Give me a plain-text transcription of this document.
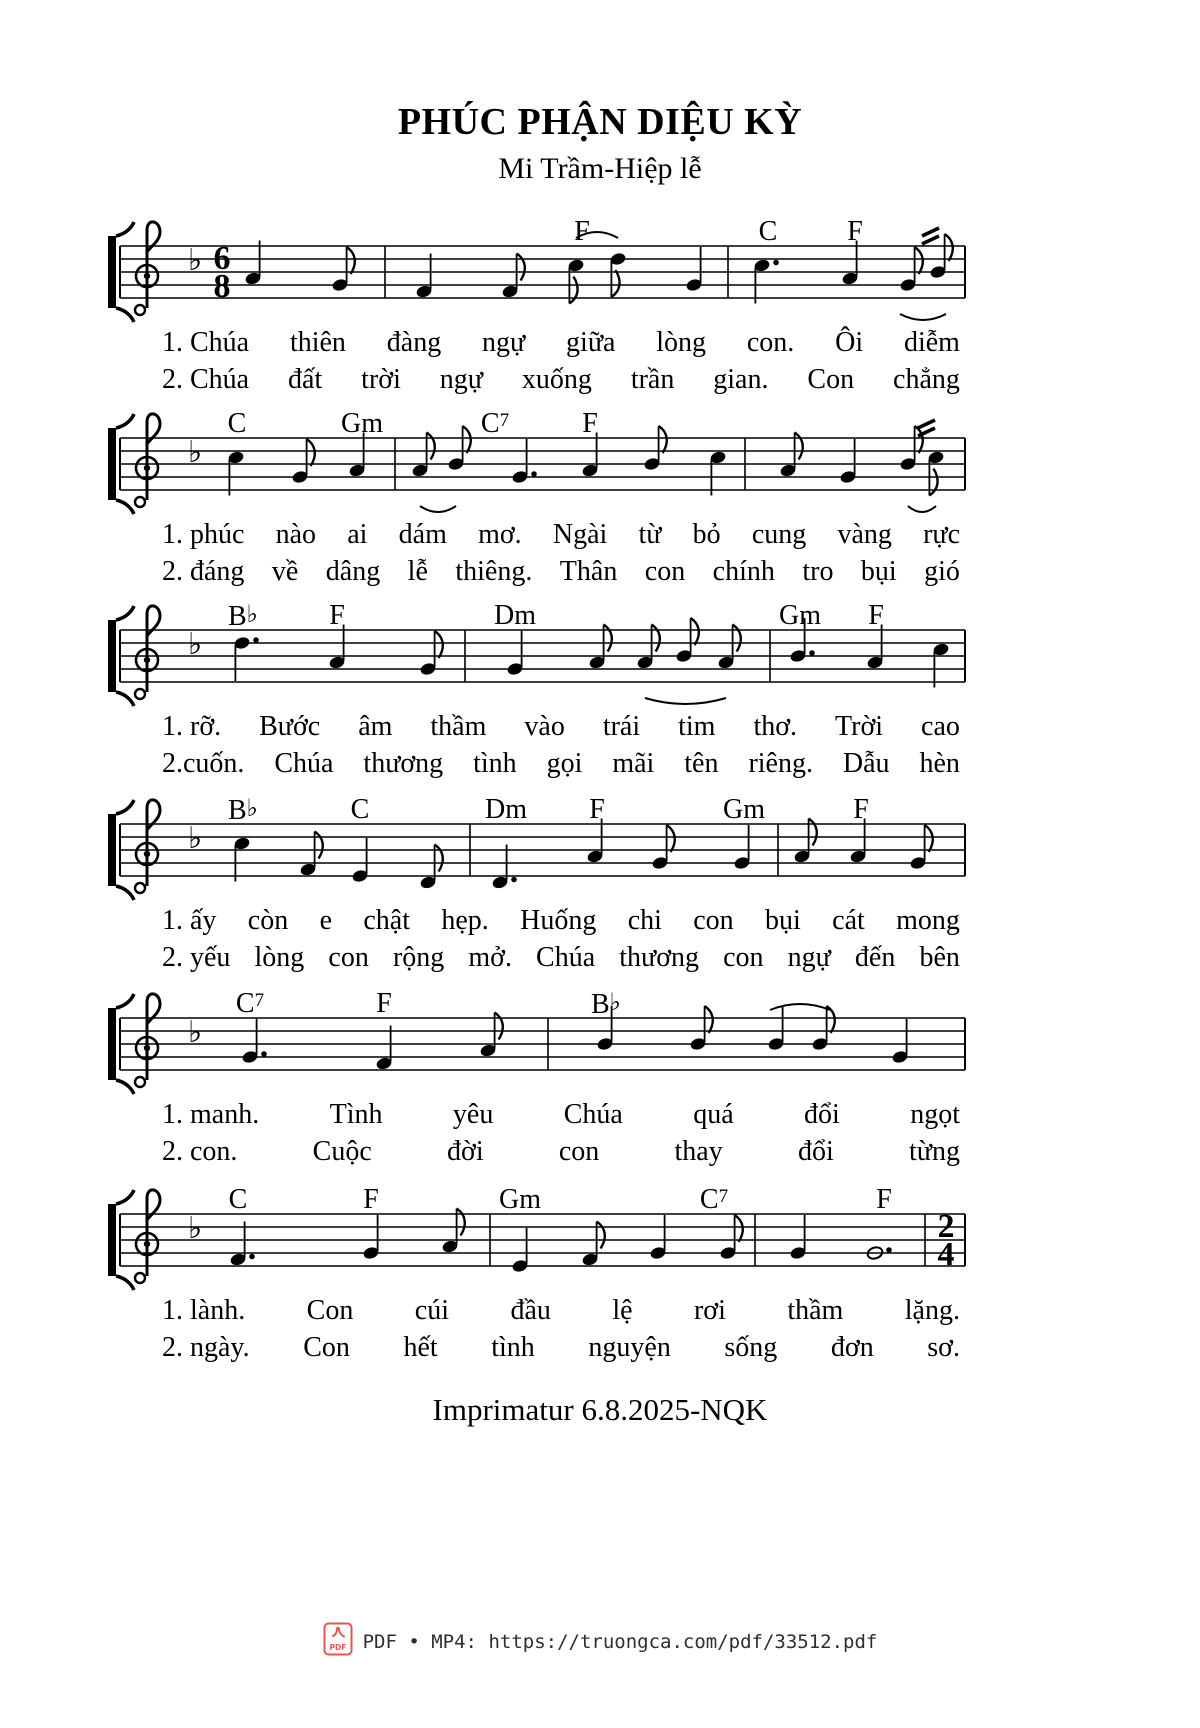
PHÚC PHẬN DIỆU KỲ
Mi Trầm-Hiệp lễ
♭ 6
8
F	C F
♭
C	Gm	$C^7$	F
♭
B♭	F	Dm	Gm F
♭
B♭	C	Dm F	Gm	F
♭
$C^7$	F	B♭
♭	2
4
C	F	Gm	$C^7$	F
Imprimatur 6.8.2025-NQK
PDF PDF • MP4: https://truongca.com/pdf/33512.pdf
1. Chúa thiên đàng ngự giữa lòng con. Ôi diễm
2. Chúa đất trời ngự xuống trần gian. Con chẳng
1. phúc nào ai dám mơ. Ngài từ bỏ cung vàng rực
2. đáng về dâng lễ thiêng. Thân con chính tro bụi gió
1. rỡ. Bước âm thầm vào trái tim thơ. Trời cao
2.cuốn. Chúa thương tình gọi mãi tên riêng. Dẫu hèn
1. ấy còn e chật hẹp. Huống chi con bụi cát mong
2. yếu lòng con rộng mở. Chúa thương con ngự đến bên
1. manh.	Tình	yêu	Chúa	quá	đổi	ngọt
2. con.	Cuộc	đời	con	thay	đổi	từng
1. lành. Con cúi đầu lệ rơi thầm lặng.
2. ngày. Con hết tình nguyện sống đơn sơ.
